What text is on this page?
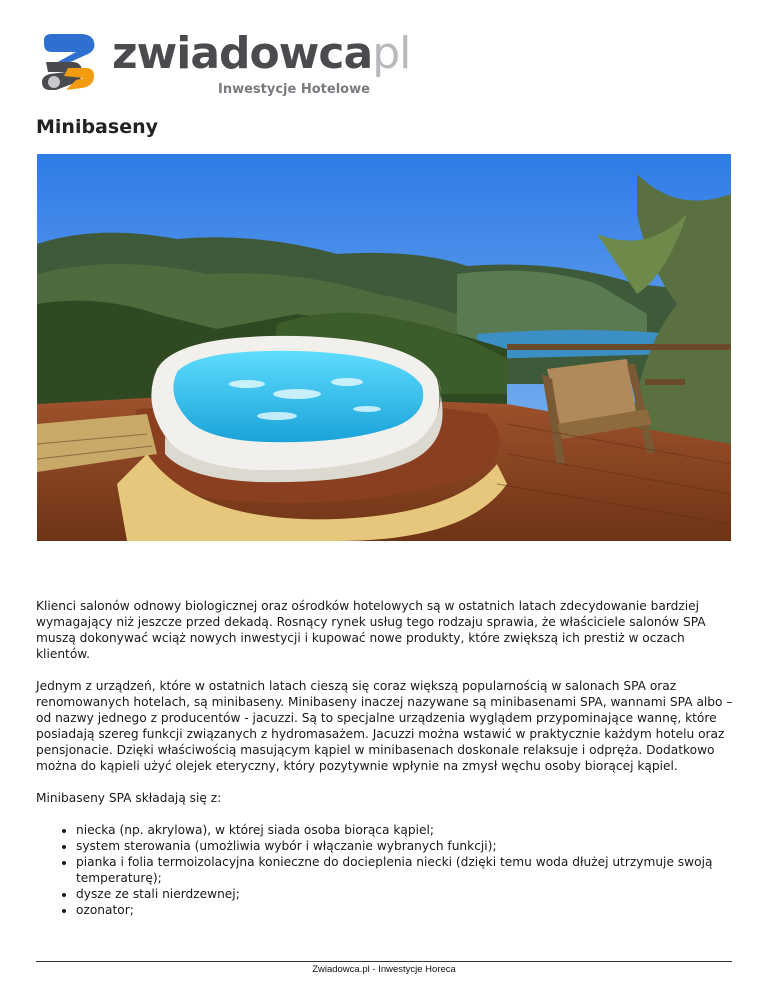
zwiadowcapl
Inwestycje Hotelowe
Minibaseny

Klienci salonów odnowy biologicznej oraz ośrodków hotelowych są w ostatnich latach zdecydowanie bardziej wymagający niż jeszcze przed dekadą. Rosnący rynek usług tego rodzaju sprawia, że właściciele salonów SPA muszą dokonywać wciąż nowych inwestycji i kupować nowe produkty, które zwiększą ich prestiż w oczach klientów.

Jednym z urządzeń, które w ostatnich latach cieszą się coraz większą popularnością w salonach SPA oraz renomowanych hotelach, są minibaseny. Minibaseny inaczej nazywane są minibasenami SPA, wannami SPA albo – od nazwy jednego z producentów - jacuzzi. Są to specjalne urządzenia wyglądem przypominające wannę, które posiadają szereg funkcji związanych z hydromasażem. Jacuzzi można wstawić w praktycznie każdym hotelu oraz pensjonacie. Dzięki właściwością masującym kąpiel w minibasenach doskonale relaksuje i odpręża. Dodatkowo można do kąpieli użyć olejek eteryczny, który pozytywnie wpłynie na zmysł węchu osoby biorącej kąpiel.

Minibaseny SPA składają się z:

• niecka (np. akrylowa), w której siada osoba biorąca kąpiel;
• system sterowania (umożliwia wybór i włączanie wybranych funkcji);
• pianka i folia termoizolacyjna konieczne do docieplenia niecki (dzięki temu woda dłużej utrzymuje swoją temperaturę);
• dysze ze stali nierdzewnej;
• ozonator;
Zwiadowca.pl - Inwestycje Horeca
